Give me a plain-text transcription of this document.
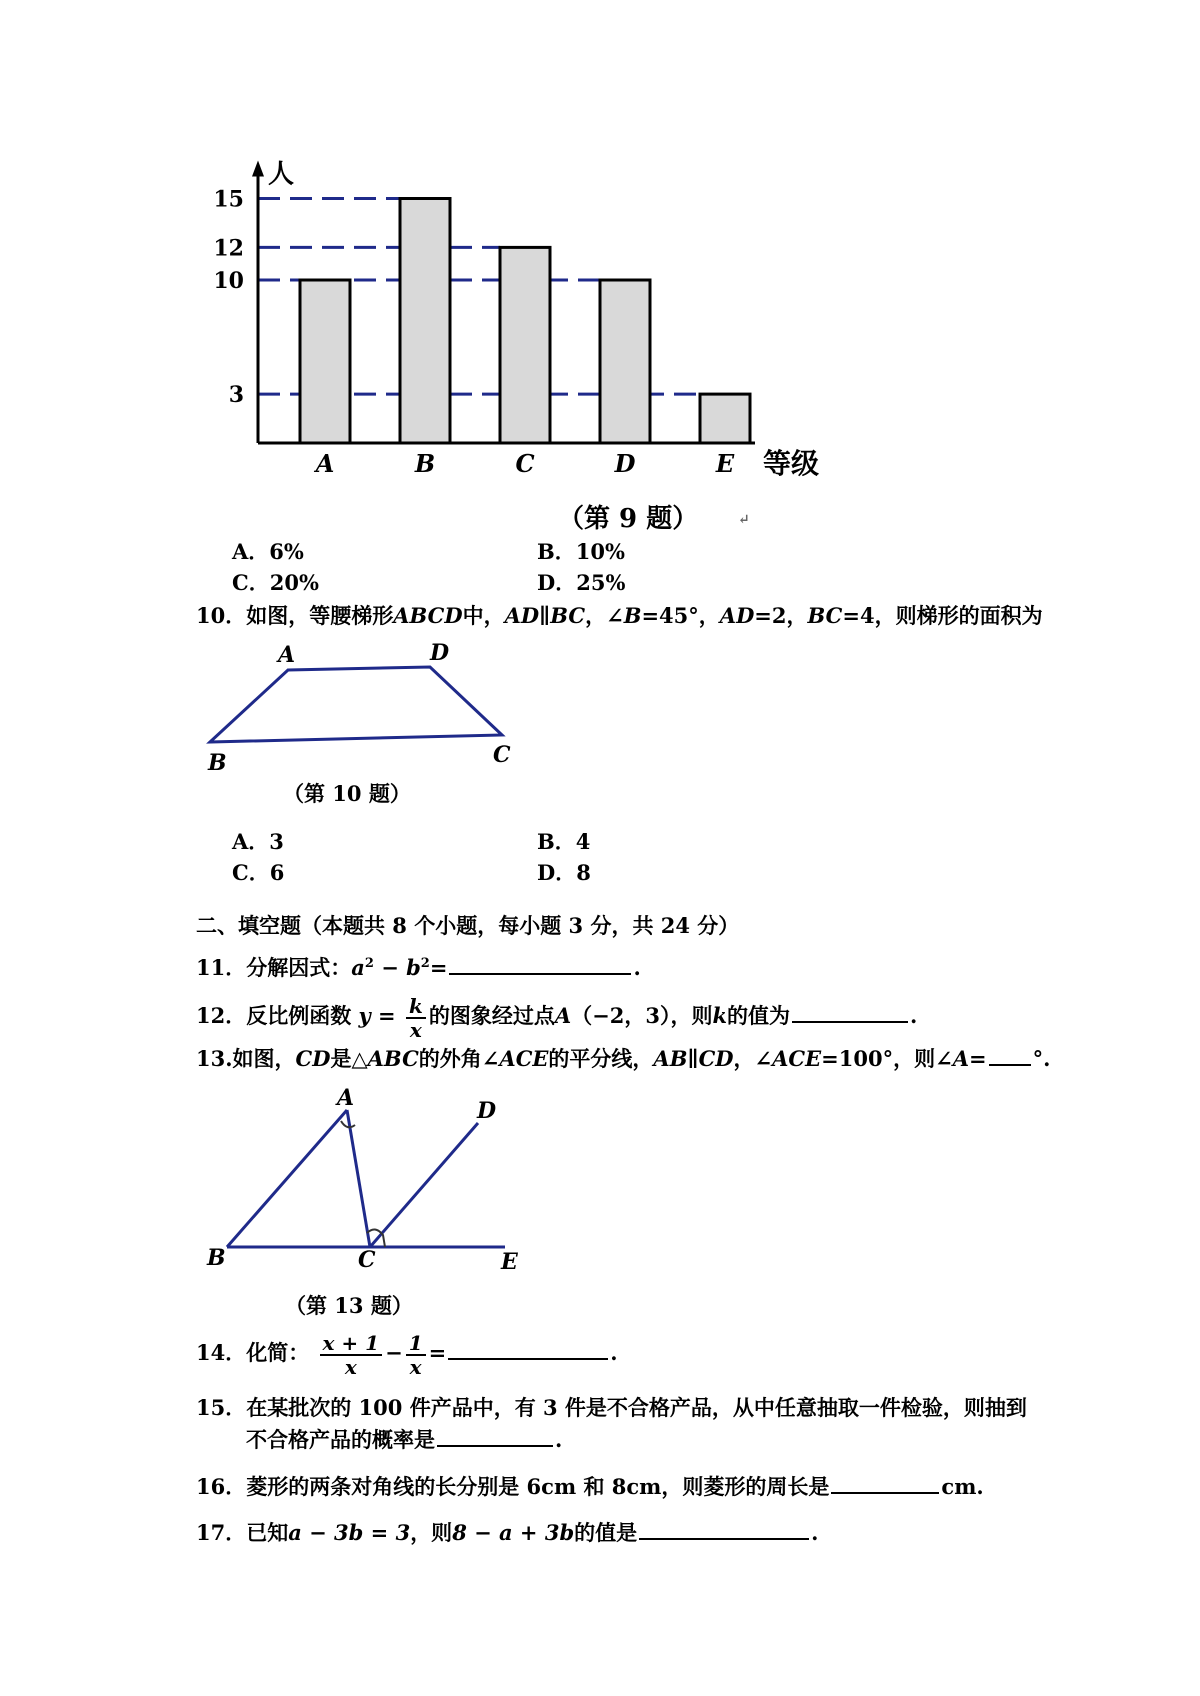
3
10
12
15
A	B	C	D	E
人
等级
（第 9 题）	↵
A．6%	B．10%
C．20%	D．25%
10．如图，等腰梯形ABCD中，AD∥BC，∠B=45°，AD=2，BC=4，则梯形的面积为
A	D
B	C
（第 10 题）
A．3	B．4
C．6	D．8
二、填空题（本题共 8 个小题，每小题 3 分，共 24 分）
11．分解因式：$a^2 - b^2=$	.
12．反比例函数 $y = \frac{k}{x}$ 的图象经过点A（−2，3），则k的值为	.
13.如图，CD是△ABC的外角∠ACE的平分线，AB∥CD，∠ACE=100°，则∠A= °.
A	D
B	C	E
（第 13 题）
14．化简： $\frac{x + 1}{x} - \frac{1}{x}$ =	.
15．在某批次的 100 件产品中，有 3 件是不合格产品，从中任意抽取一件检验，则抽到
不合格产品的概率是	.
16．菱形的两条对角线的长分别是 6cm 和 8cm，则菱形的周长是	cm.
17．已知a − 3b = 3，则8 − a + 3b的值是	.
